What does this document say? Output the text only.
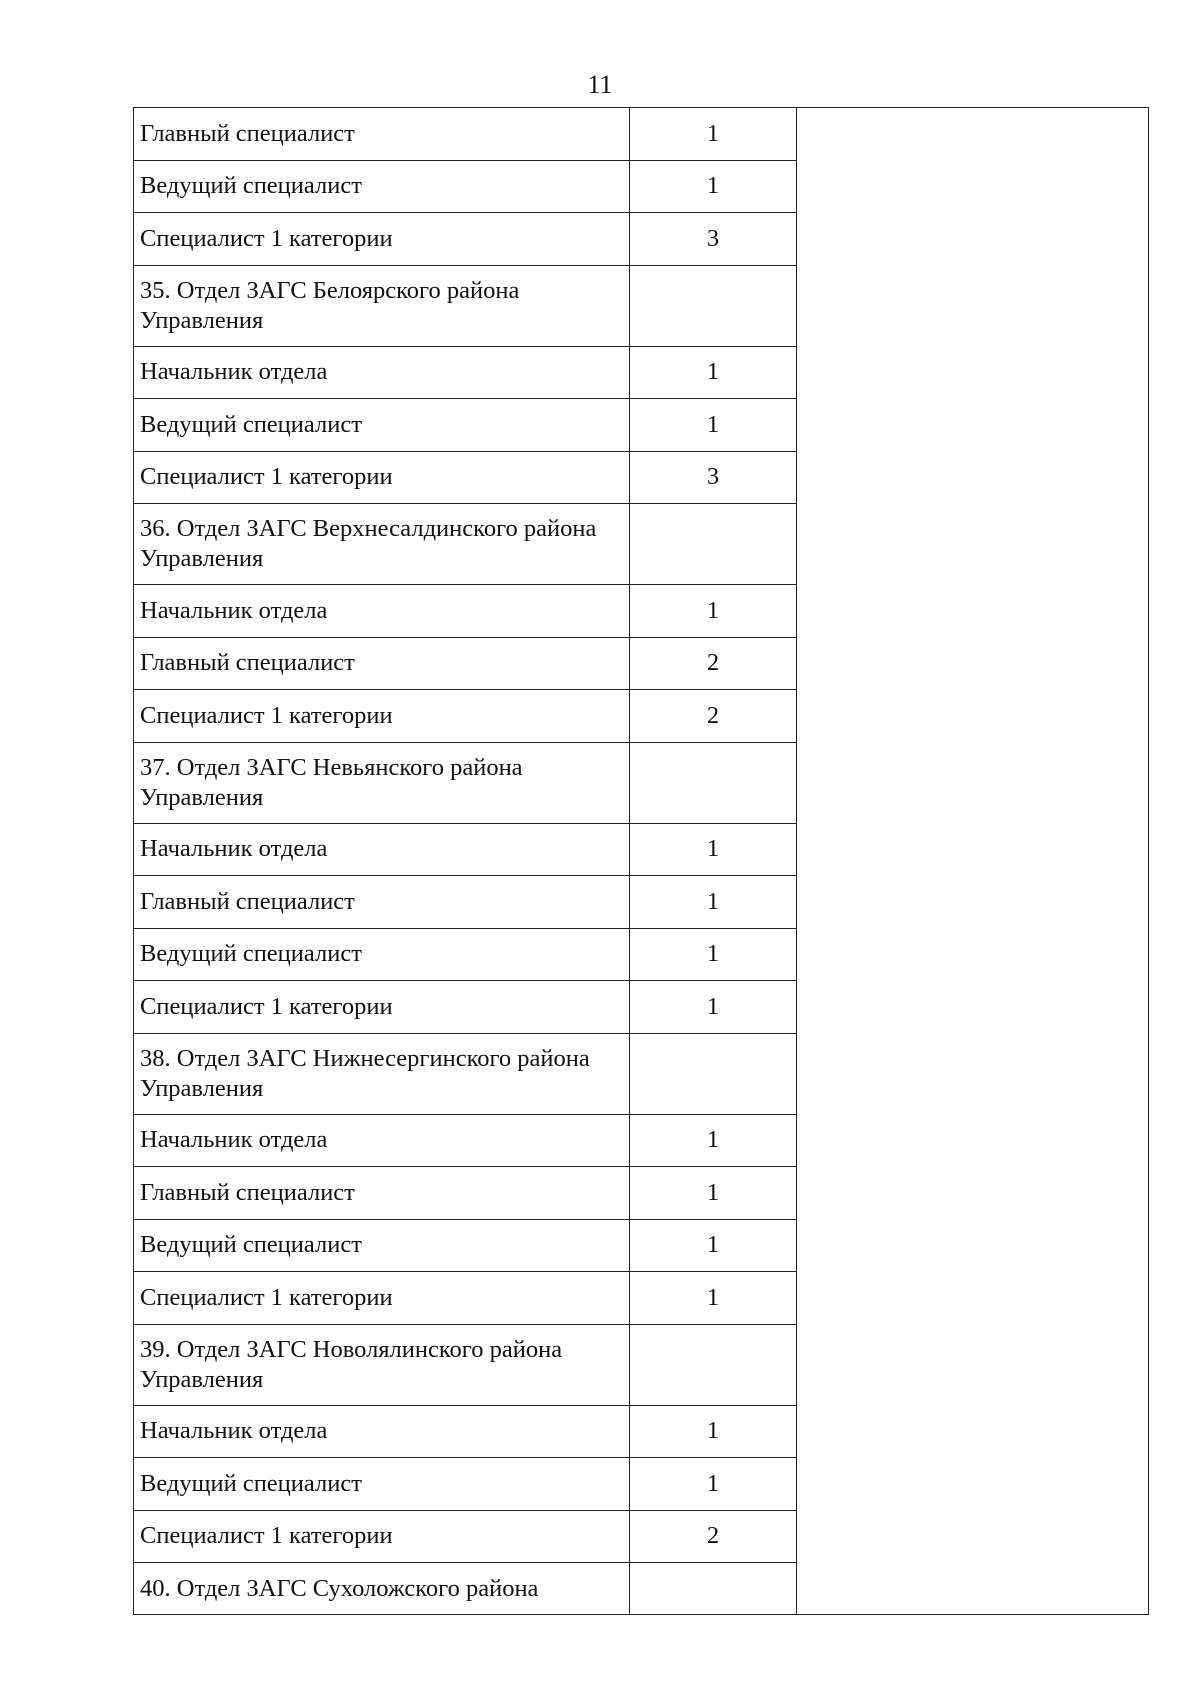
11
Главный специалист	1	
Ведущий специалист	1	
Специалист 1 категории	3	
35. Отдел ЗАГС Белоярского района Управления		
Начальник отдела	1	
Ведущий специалист	1	
Специалист 1 категории	3	
36. Отдел ЗАГС Верхнесалдинского района Управления		
Начальник отдела	1	
Главный специалист	2	
Специалист 1 категории	2	
37. Отдел ЗАГС Невьянского района Управления		
Начальник отдела	1	
Главный специалист	1	
Ведущий специалист	1	
Специалист 1 категории	1	
38. Отдел ЗАГС Нижнесергинского района Управления		
Начальник отдела	1	
Главный специалист	1	
Ведущий специалист	1	
Специалист 1 категории	1	
39. Отдел ЗАГС Новолялинского района Управления		
Начальник отдела	1	
Ведущий специалист	1	
Специалист 1 категории	2	
40. Отдел ЗАГС Сухоложского района		
